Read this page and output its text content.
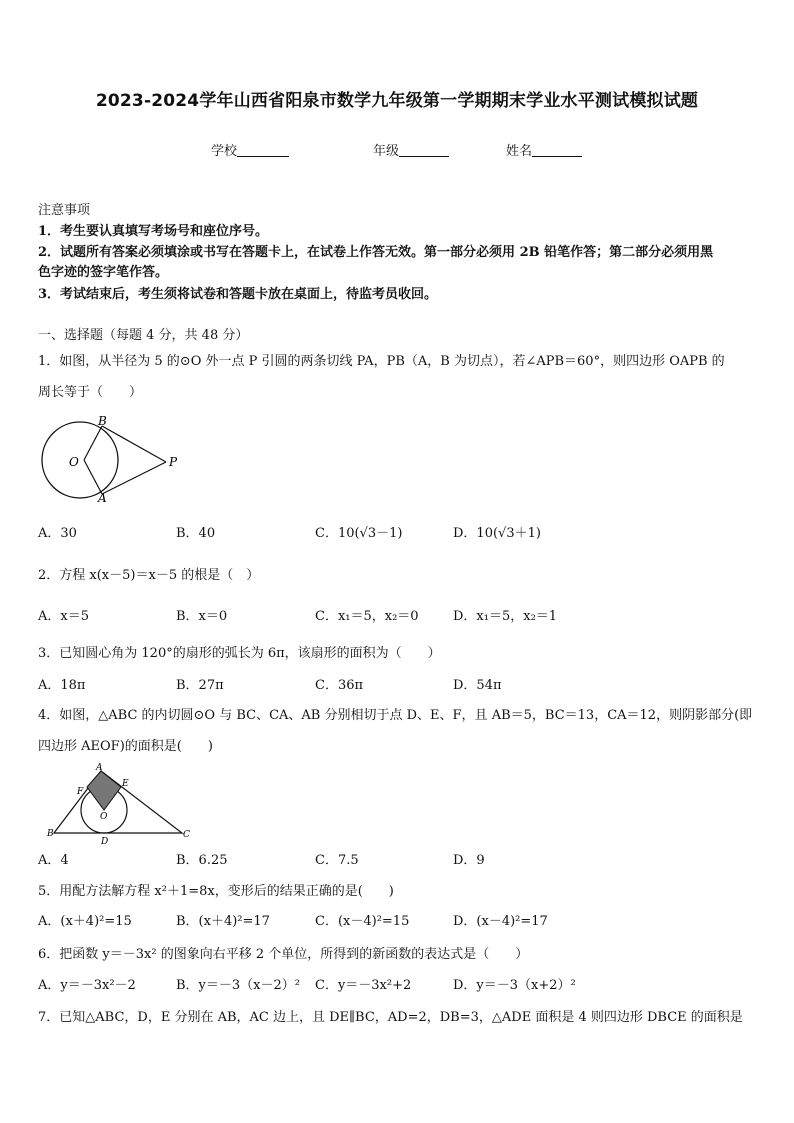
2023-2024学年山西省阳泉市数学九年级第一学期期末学业水平测试模拟试题
学校	年级	姓名
注意事项
1．考生要认真填写考场号和座位序号。
2．试题所有答案必须填涂或书写在答题卡上，在试卷上作答无效。第一部分必须用 2B 铅笔作答；第二部分必须用黑
色字迹的签字笔作答。
3．考试结束后，考生须将试卷和答题卡放在桌面上，待监考员收回。
一、选择题（每题 4 分，共 48 分）
1．如图，从半径为 5 的⊙O 外一点 P 引圆的两条切线 PA，PB（A，B 为切点），若∠APB＝60°，则四边形 OAPB 的
周长等于（　　）
B
O	P
A
A．30	B．40	C．10(√3－1)	D．10(√3＋1)
2．方程 x(x－5)＝x－5 的根是（　）
A．x＝5	B．x＝0	C．x₁＝5，x₂＝0	D．x₁＝5，x₂＝1
3．已知圆心角为 120°的扇形的弧长为 6π，该扇形的面积为（　　）
A．18π	B．27π	C．36π	D．54π
4．如图，△ABC 的内切圆⊙O 与 BC、CA、AB 分别相切于点 D、E、F，且 AB＝5，BC＝13，CA＝12，则阴影部分(即
四边形 AEOF)的面积是(　　)
A
E
F
O
B
D
C
A．4	B．6.25	C．7.5	D．9
5．用配方法解方程 x²＋1=8x，变形后的结果正确的是(　　)
A．(x＋4)²=15	B．(x＋4)²=17	C．(x－4)²=15	D．(x－4)²=17
6．把函数 y＝－3x² 的图象向右平移 2 个单位，所得到的新函数的表达式是（　　）
A．y＝－3x²－2	B．y＝－3（x－2）² C．y＝－3x²+2	D．y＝－3（x+2）²
7．已知△ABC，D，E 分别在 AB，AC 边上，且 DE∥BC，AD=2，DB=3，△ADE 面积是 4 则四边形 DBCE 的面积是
